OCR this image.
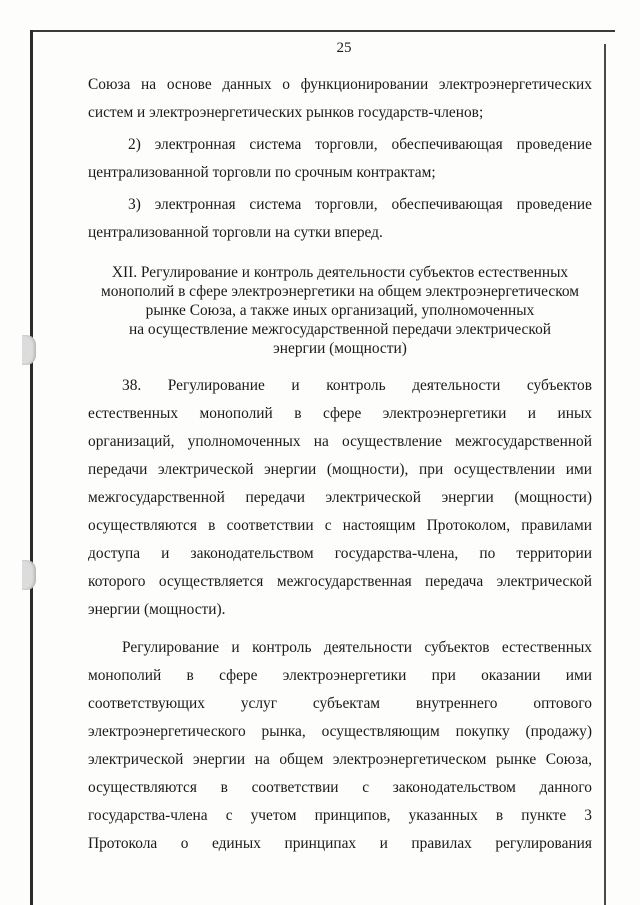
25
Союза на основе данных о функционировании электроэнергетических
систем и электроэнергетических рынков государств-членов;
2) электронная система торговли, обеспечивающая проведение
централизованной торговли по срочным контрактам;
3) электронная система торговли, обеспечивающая проведение
централизованной торговли на сутки вперед.
XII. Регулирование и контроль деятельности субъектов естественных
монополий в сфере электроэнергетики на общем электроэнергетическом
рынке Союза, а также иных организаций, уполномоченных
на осуществление межгосударственной передачи электрической
энергии (мощности)
38. Регулирование и контроль деятельности субъектов
естественных монополий в сфере электроэнергетики и иных
организаций, уполномоченных на осуществление межгосударственной
передачи электрической энергии (мощности), при осуществлении ими
межгосударственной передачи электрической энергии (мощности)
осуществляются в соответствии с настоящим Протоколом, правилами
доступа и законодательством государства-члена, по территории
которого осуществляется межгосударственная передача электрической
энергии (мощности).
Регулирование и контроль деятельности субъектов естественных
монополий в сфере электроэнергетики при оказании ими
соответствующих услуг субъектам внутреннего оптового
электроэнергетического рынка, осуществляющим покупку (продажу)
электрической энергии на общем электроэнергетическом рынке Союза,
осуществляются в соответствии с законодательством данного
государства-члена с учетом принципов, указанных в пункте 3
Протокола о единых принципах и правилах регулирования
